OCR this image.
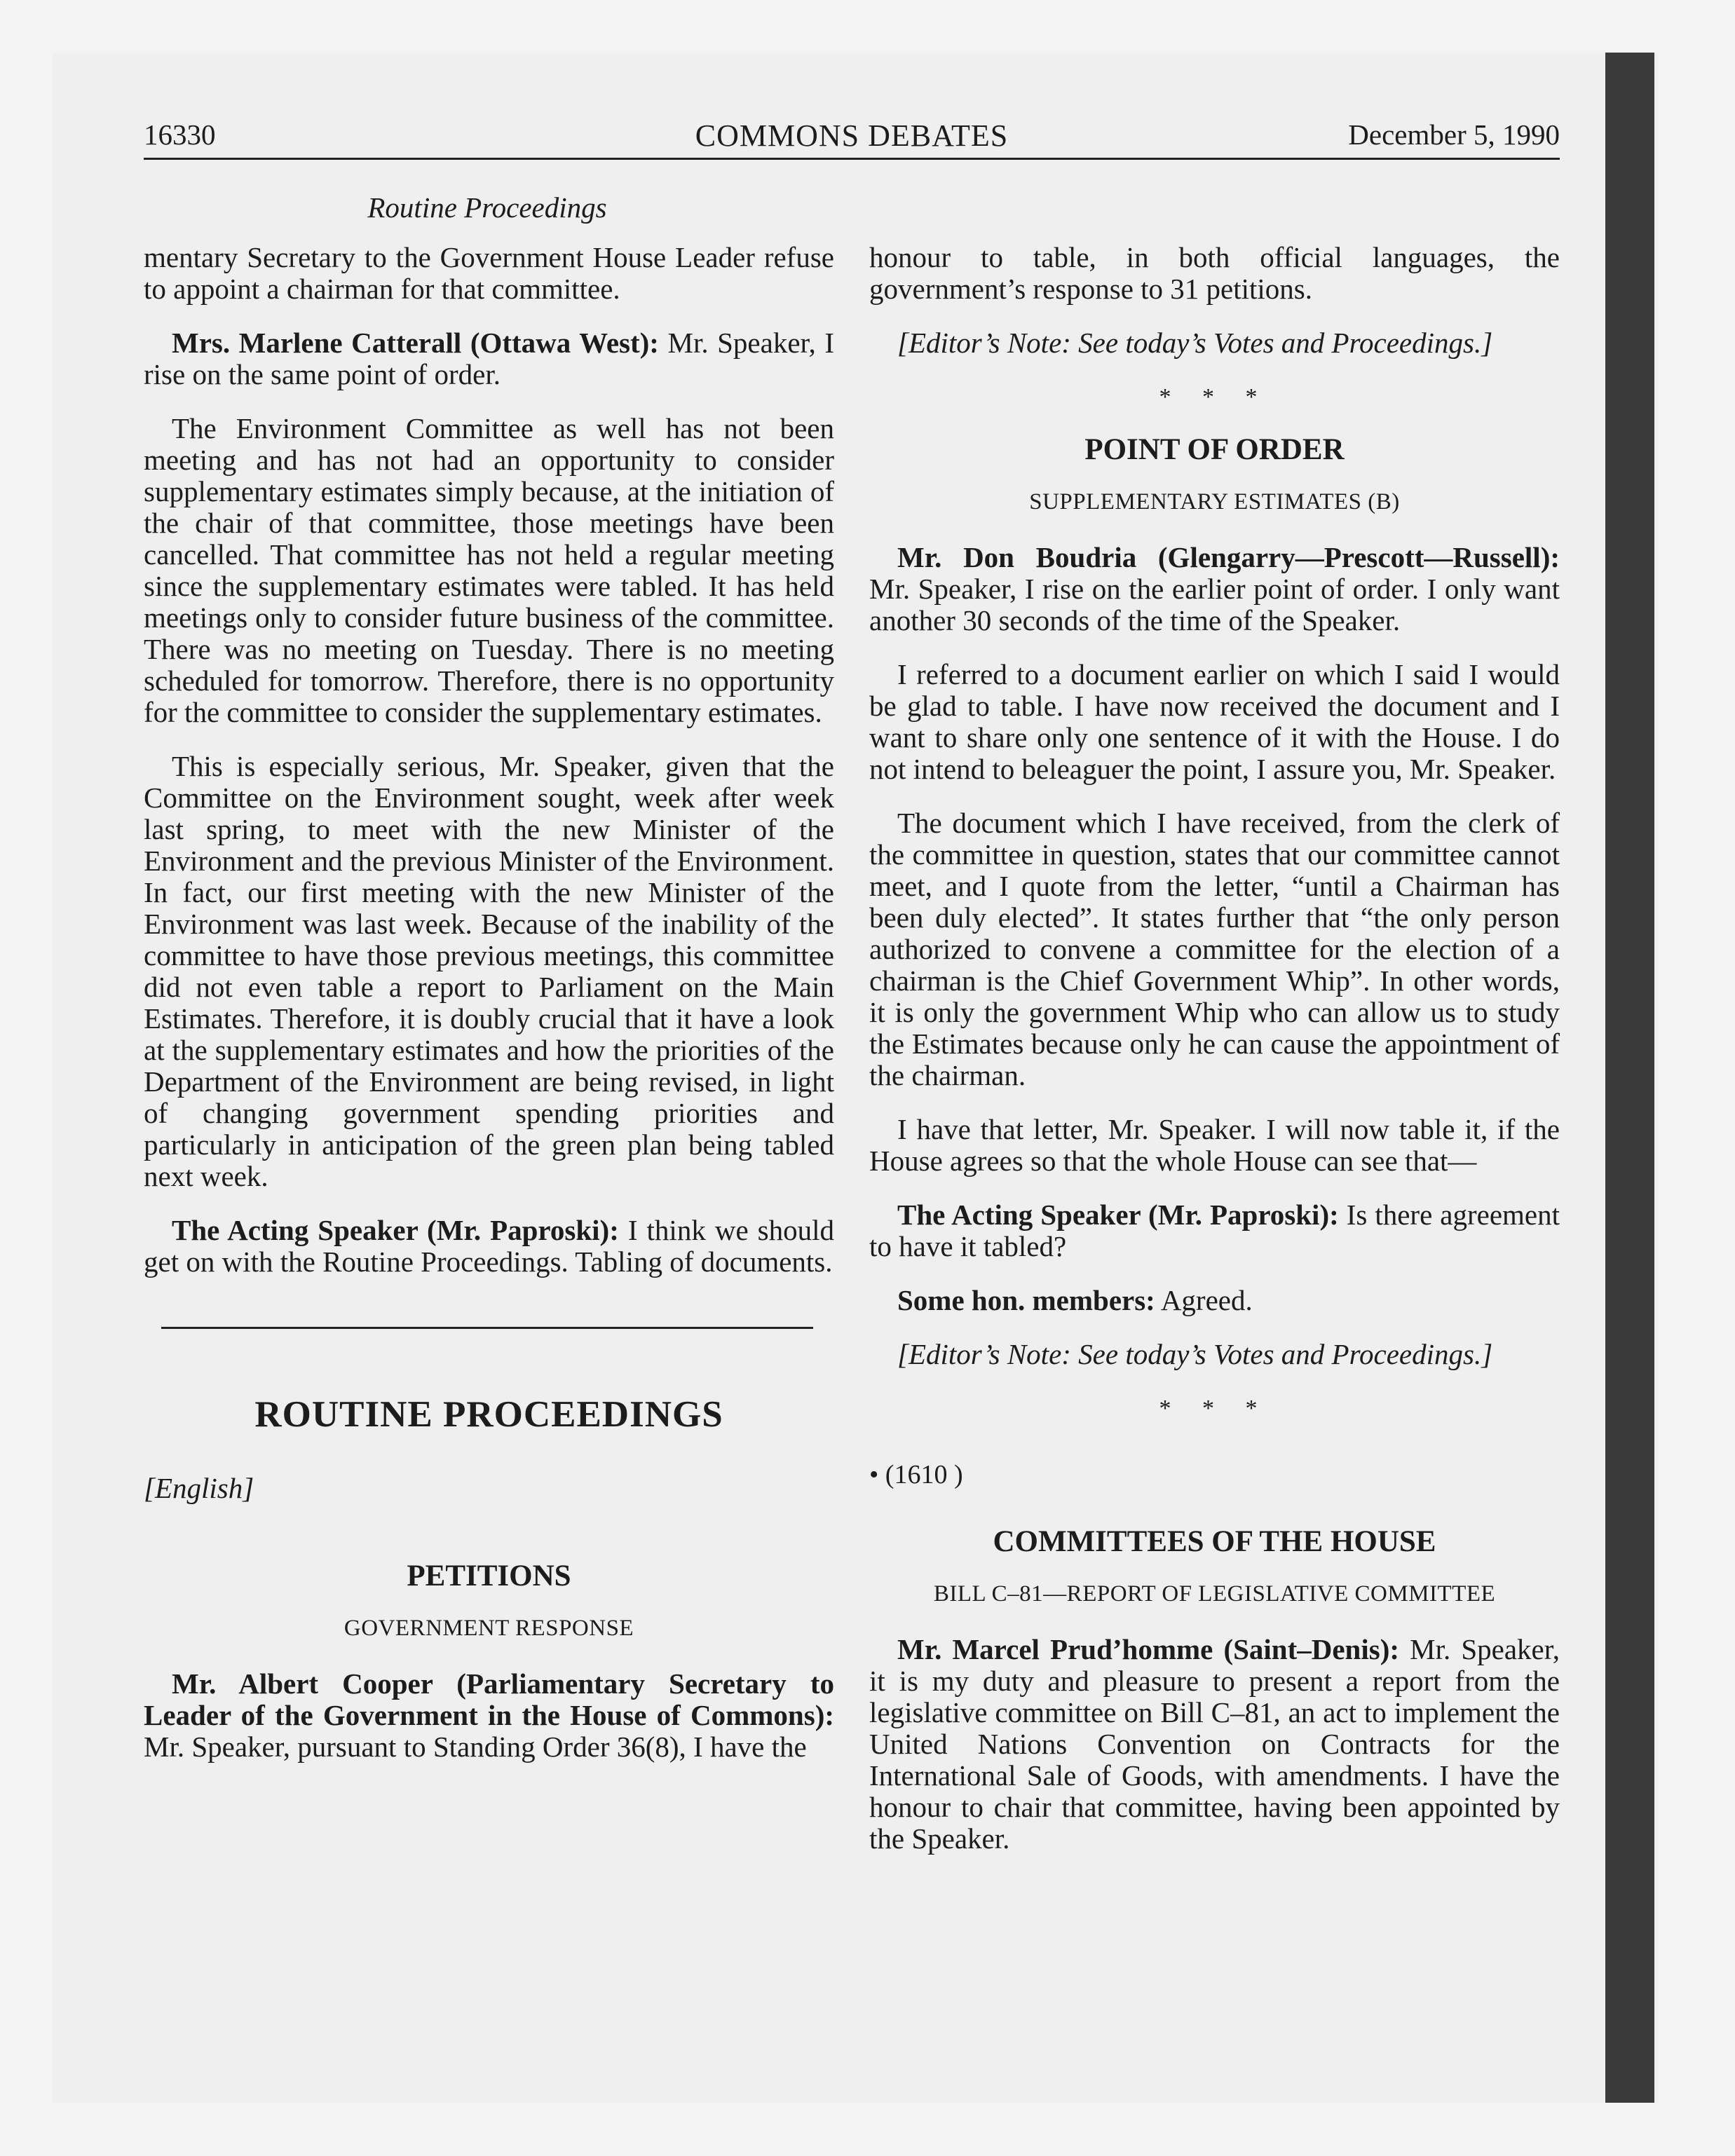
16330	COMMONS DEBATES	December 5, 1990
Routine Proceedings

mentary Secretary to the Government House Leader refuse to appoint a chairman for that committee.

Mrs. Marlene Catterall (Ottawa West): Mr. Speaker, I rise on the same point of order.

The Environment Committee as well has not been meeting and has not had an opportunity to consider supplementary estimates simply because, at the initiation of the chair of that committee, those meetings have been cancelled. That committee has not held a regular meeting since the supplementary estimates were tabled. It has held meetings only to consider future business of the committee. There was no meeting on Tuesday. There is no meeting scheduled for tomorrow. Therefore, there is no opportunity for the committee to consider the supplementary estimates.

This is especially serious, Mr. Speaker, given that the Committee on the Environment sought, week after week last spring, to meet with the new Minister of the Environment and the previous Minister of the Environment. In fact, our first meeting with the new Minister of the Environment was last week. Because of the inability of the committee to have those previous meetings, this committee did not even table a report to Parliament on the Main Estimates. Therefore, it is doubly crucial that it have a look at the supplementary estimates and how the priorities of the Department of the Environment are being revised, in light of changing government spending priorities and particularly in anticipation of the green plan being tabled next week.

The Acting Speaker (Mr. Paproski): I think we should get on with the Routine Proceedings. Tabling of documents.

ROUTINE PROCEEDINGS
[English]
PETITIONS
GOVERNMENT RESPONSE

Mr. Albert Cooper (Parliamentary Secretary to Leader of the Government in the House of Commons): Mr. Speaker, pursuant to Standing Order 36(8), I have the

honour to table, in both official languages, the government’s response to 31 petitions.

[Editor’s Note: See today’s Votes and Proceedings.]

* * *
POINT OF ORDER
SUPPLEMENTARY ESTIMATES (B)

Mr. Don Boudria (Glengarry—Prescott—Russell): Mr. Speaker, I rise on the earlier point of order. I only want another 30 seconds of the time of the Speaker.

I referred to a document earlier on which I said I would be glad to table. I have now received the document and I want to share only one sentence of it with the House. I do not intend to beleaguer the point, I assure you, Mr. Speaker.

The document which I have received, from the clerk of the committee in question, states that our committee cannot meet, and I quote from the letter, “until a Chairman has been duly elected”. It states further that “the only person authorized to convene a committee for the election of a chairman is the Chief Government Whip”. In other words, it is only the government Whip who can allow us to study the Estimates because only he can cause the appointment of the chairman.

I have that letter, Mr. Speaker. I will now table it, if the House agrees so that the whole House can see that—

The Acting Speaker (Mr. Paproski): Is there agreement to have it tabled?

Some hon. members: Agreed.

[Editor’s Note: See today’s Votes and Proceedings.]

* * *
• (1610 )
COMMITTEES OF THE HOUSE
BILL C–81—REPORT OF LEGISLATIVE COMMITTEE

Mr. Marcel Prud’homme (Saint–Denis): Mr. Speaker, it is my duty and pleasure to present a report from the legislative committee on Bill C–81, an act to implement the United Nations Convention on Contracts for the International Sale of Goods, with amendments. I have the honour to chair that committee, having been appointed by the Speaker.
